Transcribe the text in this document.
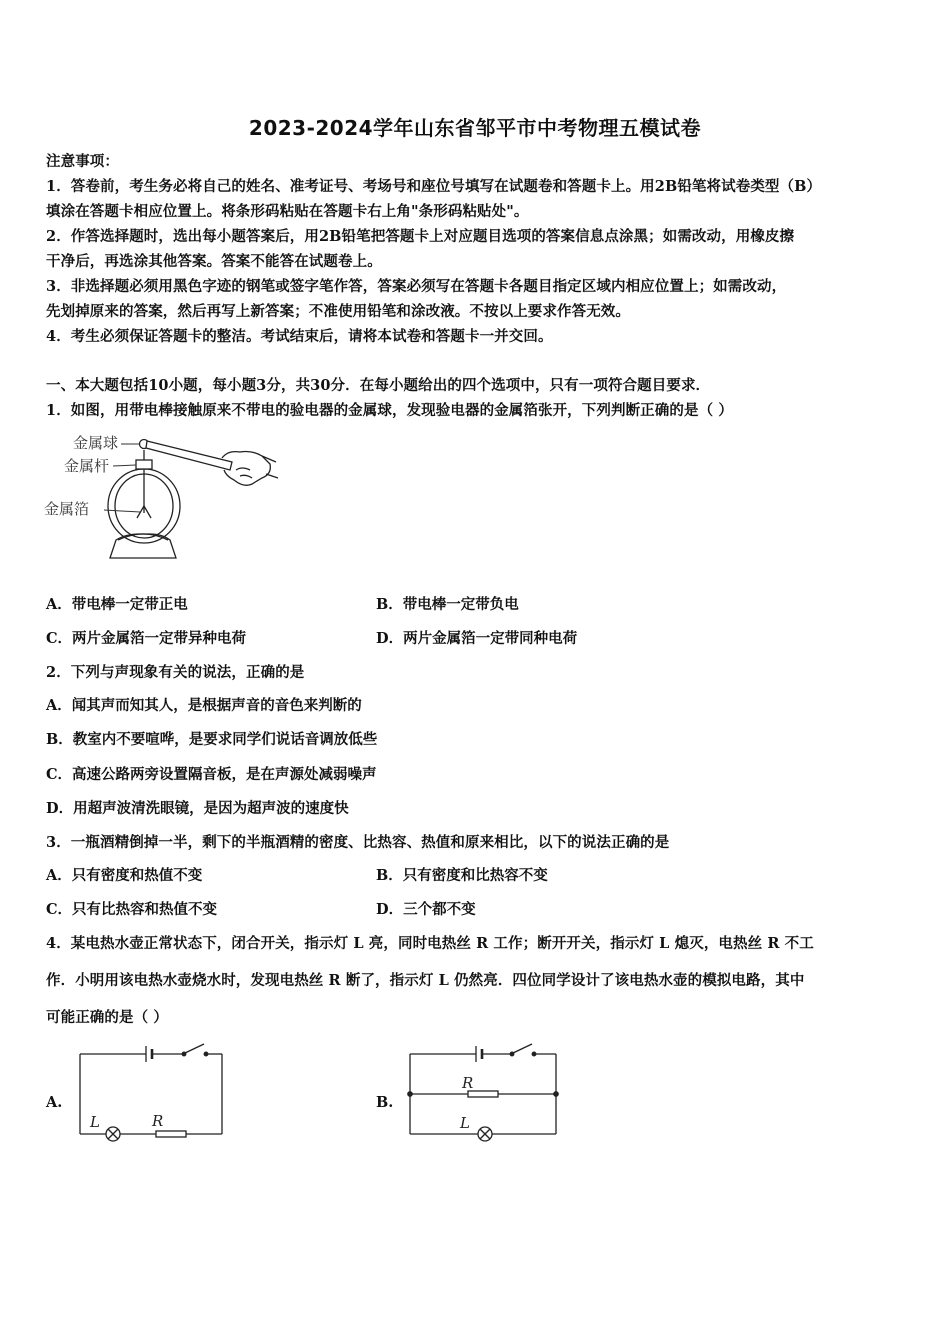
2023-2024学年山东省邹平市中考物理五模试卷
注意事项：
1．答卷前，考生务必将自己的姓名、准考证号、考场号和座位号填写在试题卷和答题卡上。用2B铅笔将试卷类型（B）
填涂在答题卡相应位置上。将条形码粘贴在答题卡右上角"条形码粘贴处"。
2．作答选择题时，选出每小题答案后，用2B铅笔把答题卡上对应题目选项的答案信息点涂黑；如需改动，用橡皮擦
干净后，再选涂其他答案。答案不能答在试题卷上。
3．非选择题必须用黑色字迹的钢笔或签字笔作答，答案必须写在答题卡各题目指定区域内相应位置上；如需改动，
先划掉原来的答案，然后再写上新答案；不准使用铅笔和涂改液。不按以上要求作答无效。
4．考生必须保证答题卡的整洁。考试结束后，请将本试卷和答题卡一并交回。
一、本大题包括10小题，每小题3分，共30分．在每小题给出的四个选项中，只有一项符合题目要求．
1．如图，用带电棒接触原来不带电的验电器的金属球，发现验电器的金属箔张开，下列判断正确的是（ ）
金属球
金属杆
金属箔
A．带电棒一定带正电	B．带电棒一定带负电
C．两片金属箔一定带异种电荷	D．两片金属箔一定带同种电荷
2．下列与声现象有关的说法，正确的是
A．闻其声而知其人，是根据声音的音色来判断的
B．教室内不要喧哗，是要求同学们说话音调放低些
C．高速公路两旁设置隔音板，是在声源处减弱噪声
D．用超声波清洗眼镜，是因为超声波的速度快
3．一瓶酒精倒掉一半，剩下的半瓶酒精的密度、比热容、热值和原来相比，以下的说法正确的是
A．只有密度和热值不变	B．只有密度和比热容不变
C．只有比热容和热值不变	D．三个都不变
4．某电热水壶正常状态下，闭合开关，指示灯 L 亮，同时电热丝 R 工作；断开开关，指示灯 L 熄灭，电热丝 R 不工
作．小明用该电热水壶烧水时，发现电热丝 R 断了，指示灯 L 仍然亮．四位同学设计了该电热水壶的模拟电路，其中
可能正确的是（ ）
A.
L	R
B.
R
L
